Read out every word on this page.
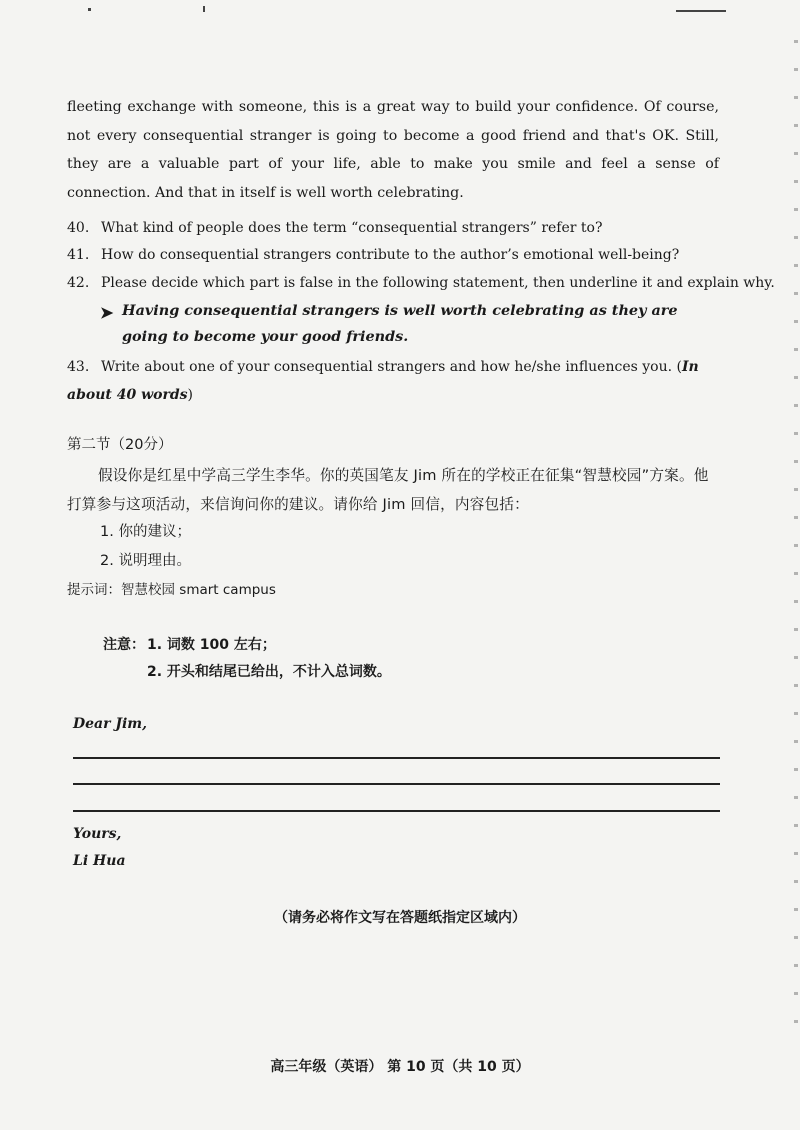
fleeting exchange with someone, this is a great way to build your confidence. Of course, not every consequential stranger is going to become a good friend and that's OK. Still, they are a valuable part of your life, able to make you smile and feel a sense of connection. And that in itself is well worth celebrating.
40. What kind of people does the term “consequential strangers” refer to?
41. How do consequential strangers contribute to the author’s emotional well-being?
42. Please decide which part is false in the following statement, then underline it and explain why.
➤ Having consequential strangers is well worth celebrating as they are going to become your good friends.
43. Write about one of your consequential strangers and how he/she influences you. (In about 40 words)
第二节（20分）
假设你是红星中学高三学生李华。你的英国笔友 Jim 所在的学校正在征集“智慧校园”方案。他打算参与这项活动，来信询问你的建议。请你给 Jim 回信，内容包括：
1. 你的建议；
2. 说明理由。
提示词：智慧校园 smart campus
注意： 1. 词数 100 左右；
2. 开头和结尾已给出，不计入总词数。
Dear Jim,
Yours,
Li Hua
（请务必将作文写在答题纸指定区域内）
高三年级（英语） 第 10 页（共 10 页）
